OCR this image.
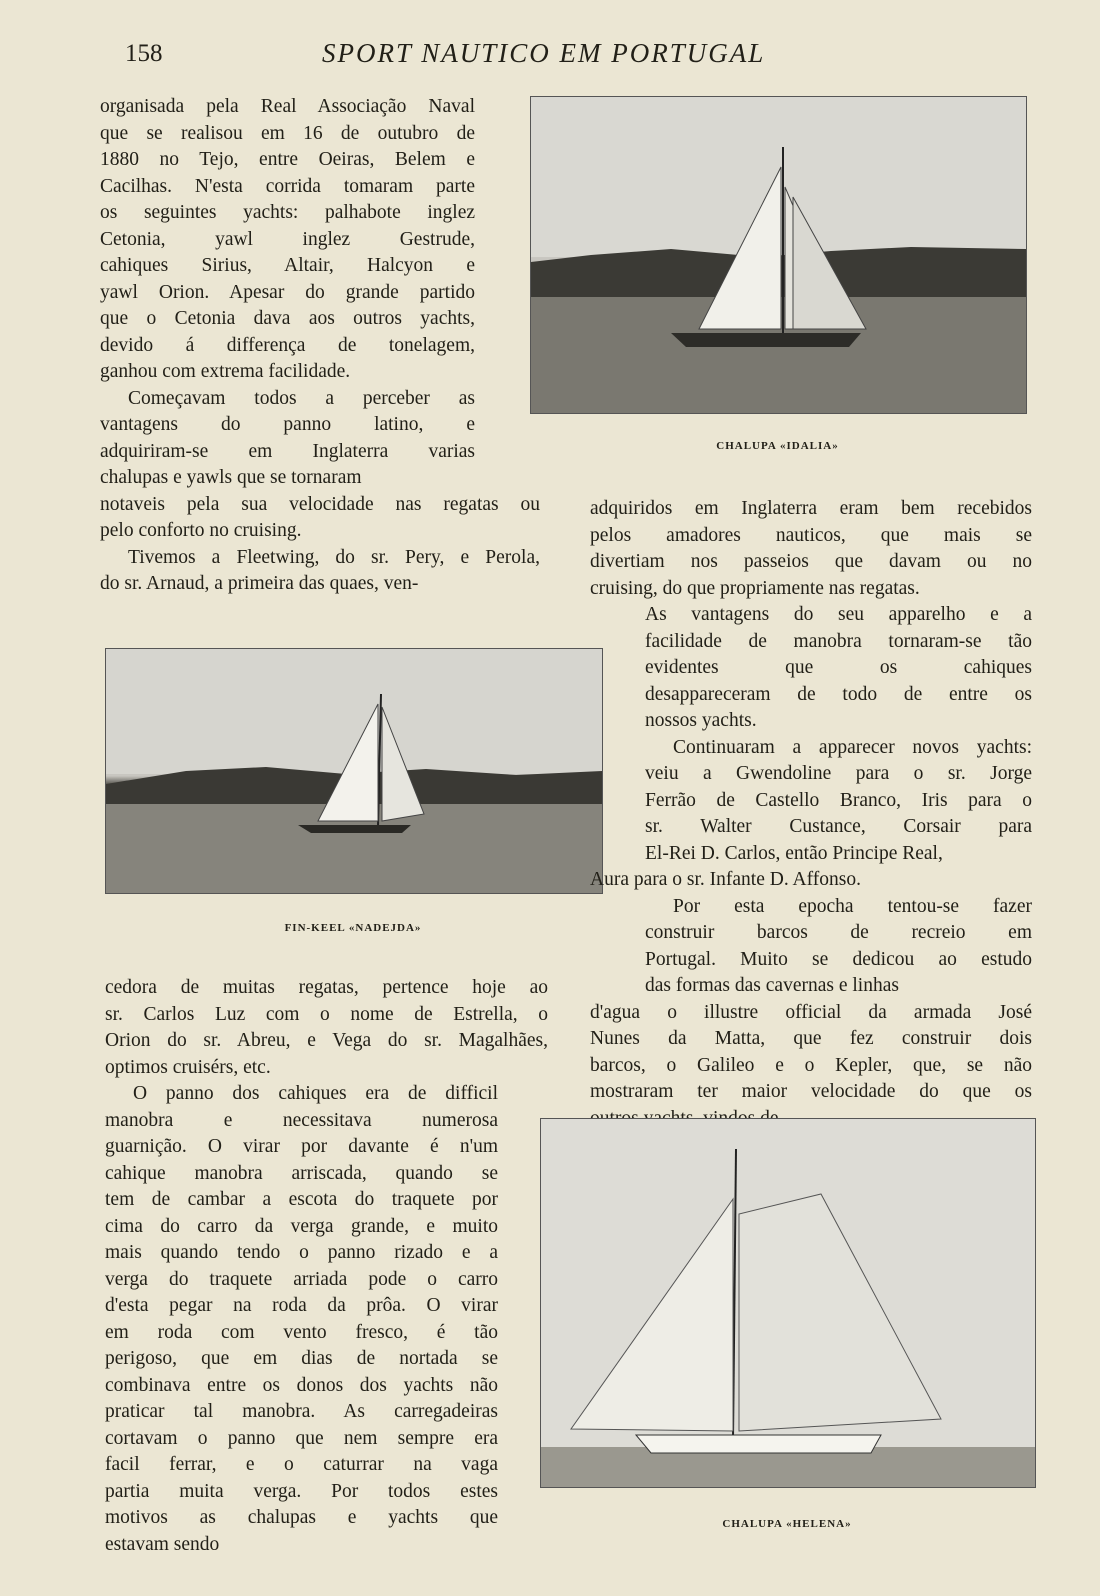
158	SPORT NAUTICO EM PORTUGAL

organisada pela Real Associação Naval
que se realisou em 16 de outubro de
1880 no Tejo, entre Oeiras, Belem e
Cacilhas. N'esta corrida tomaram parte
os seguintes yachts: palhabote inglez
Cetonia, yawl inglez Gestrude,
cahiques Sirius, Altair, Halcyon e
yawl Orion. Apesar do grande partido
que o Cetonia dava aos outros yachts,
devido á differença de tonelagem,
ganhou com extrema facilidade.

Começavam todos a perceber as
vantagens do panno latino, e
adquiriram-se em Inglaterra varias
chalupas e yawls que se tornaram

CHALUPA «IDALIA»

notaveis pela sua velocidade nas regatas ou
pelo conforto no cruising.
Tivemos a Fleetwing, do sr. Pery, e Perola,
do sr. Arnaud, a primeira das quaes, ven-

FIN-KEEL «NADEJDA»

cedora de muitas regatas, pertence hoje ao
sr. Carlos Luz com o nome de Estrella, o
Orion do sr. Abreu, e Vega do sr. Magalhães,
optimos cruisérs, etc.

O panno dos cahiques era de difficil
manobra e necessitava numerosa
guarnição. O virar por davante é n'um
cahique manobra arriscada, quando se
tem de cambar a escota do traquete por
cima do carro da verga grande, e muito
mais quando tendo o panno rizado e a
verga do traquete arriada pode o carro
d'esta pegar na roda da prôa. O virar
em roda com vento fresco, é tão
perigoso, que em dias de nortada se
combinava entre os donos dos yachts não
praticar tal manobra. As carregadeiras
cortavam o panno que nem sempre era
facil ferrar, e o caturrar na vaga
partia muita verga. Por todos estes
motivos as chalupas e yachts que
estavam sendo

adquiridos em Inglaterra eram bem recebidos
pelos amadores nauticos, que mais se
divertiam nos passeios que davam ou no
cruising, do que propriamente nas regatas.

As vantagens do seu apparelho e a
facilidade de manobra tornaram-se tão
evidentes que os cahiques
desappareceram de todo de entre os
nossos yachts.

Continuaram a apparecer novos yachts:
veiu a Gwendoline para o sr. Jorge
Ferrão de Castello Branco, Iris para o
sr. Walter Custance, Corsair para
El-Rei D. Carlos, então Principe Real,

Aura para o sr. Infante D. Affonso.

Por esta epocha tentou-se fazer
construir barcos de recreio em
Portugal. Muito se dedicou ao estudo
das formas das cavernas e linhas

d'agua o illustre official da armada José
Nunes da Matta, que fez construir dois
barcos, o Galileo e o Kepler, que, se não
mostraram ter maior velocidade do que os

CHALUPA «HELENA»
